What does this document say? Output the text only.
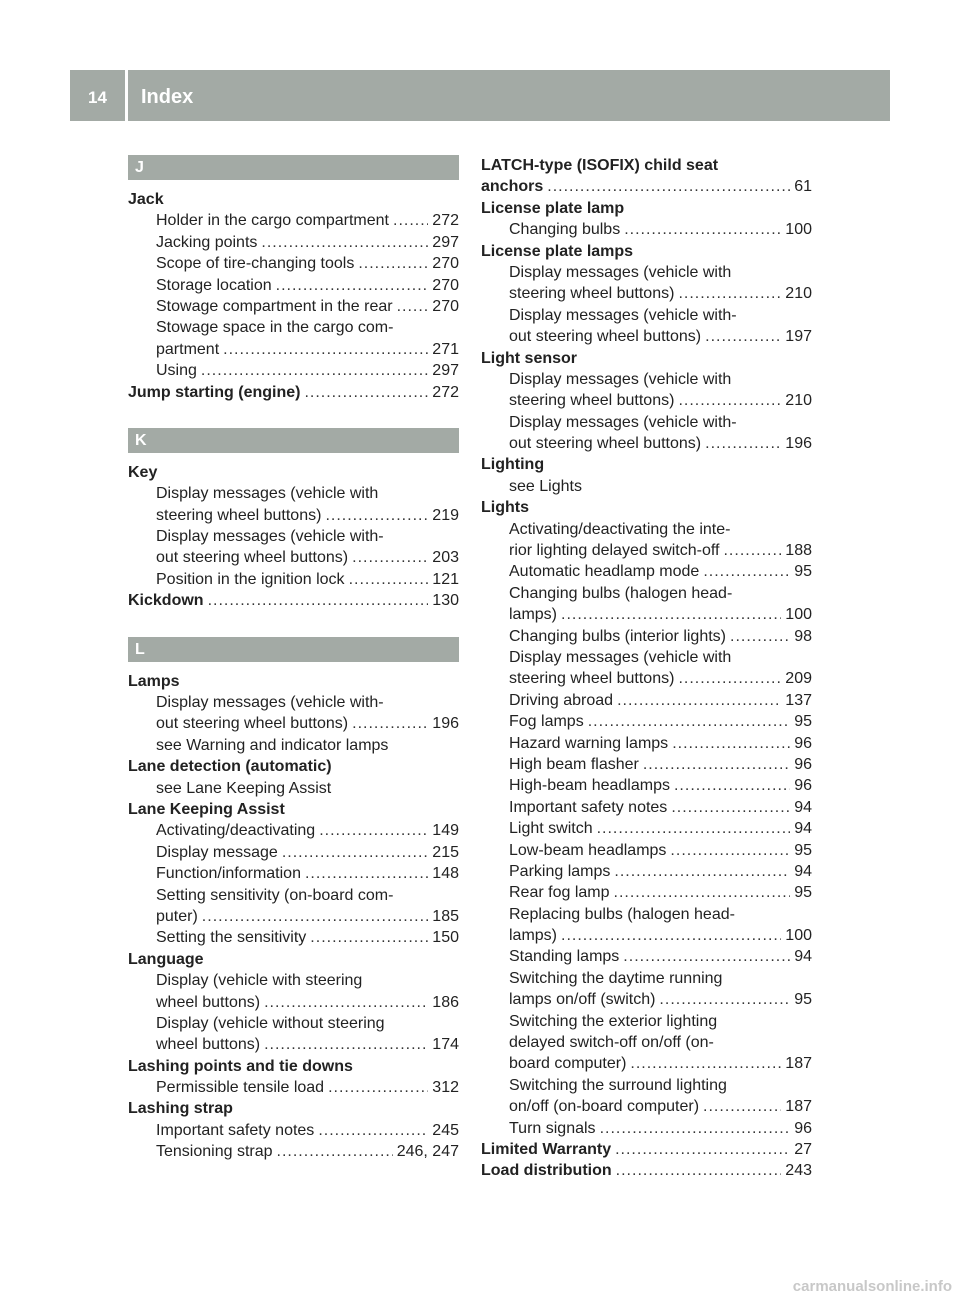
14	Index
J
Jack
Holder in the cargo compartment .....	272
Jacking points .....	297
Scope of tire-changing tools .....	270
Storage location .....	270
Stowage compartment in the rear ..... 270
Stowage space in the cargo com-
partment .....	271
Using .....	297
Jump starting (engine) .....	272
K
Key
Display messages (vehicle with
steering wheel buttons) .....	219
Display messages (vehicle with-
out steering wheel buttons) .....	203
Position in the ignition lock .....	121
Kickdown .....	130
L
Lamps
Display messages (vehicle with-
out steering wheel buttons) .....	196
see Warning and indicator lamps
Lane detection (automatic)
see Lane Keeping Assist
Lane Keeping Assist
Activating/deactivating .....	149
Display message .....	215
Function/information .....	148
Setting sensitivity (on-board com-
puter) .....	185
Setting the sensitivity .....	150
Language
Display (vehicle with steering
wheel buttons) .....	186
Display (vehicle without steering
wheel buttons) .....	174
Lashing points and tie downs
Permissible tensile load .....	312
Lashing strap
Important safety notes .....	245
Tensioning strap .....	246, 247
LATCH-type (ISOFIX) child seat
anchors .....	61
License plate lamp
Changing bulbs .....	100
License plate lamps
Display messages (vehicle with
steering wheel buttons) .....	210
Display messages (vehicle with-
out steering wheel buttons) .....	197
Light sensor
Display messages (vehicle with
steering wheel buttons) .....	210
Display messages (vehicle with-
out steering wheel buttons) .....	196
Lighting
see Lights
Lights
Activating/deactivating the inte-
rior lighting delayed switch-off .....	188
Automatic headlamp mode .....	95
Changing bulbs (halogen head-
lamps) .....	100
Changing bulbs (interior lights) .....	98
Display messages (vehicle with
steering wheel buttons) .....	209
Driving abroad .....	137
Fog lamps .....	95
Hazard warning lamps .....	96
High beam flasher .....	96
High-beam headlamps .....	96
Important safety notes .....	94
Light switch .....	94
Low-beam headlamps .....	95
Parking lamps .....	94
Rear fog lamp .....	95
Replacing bulbs (halogen head-
lamps) .....	100
Standing lamps .....	94
Switching the daytime running
lamps on/off (switch) .....	95
Switching the exterior lighting
delayed switch-off on/off (on-
board computer) .....	187
Switching the surround lighting
on/off (on-board computer) .....	187
Turn signals .....	96
Limited Warranty .....	27
Load distribution .....	243
carmanualsonline.info
